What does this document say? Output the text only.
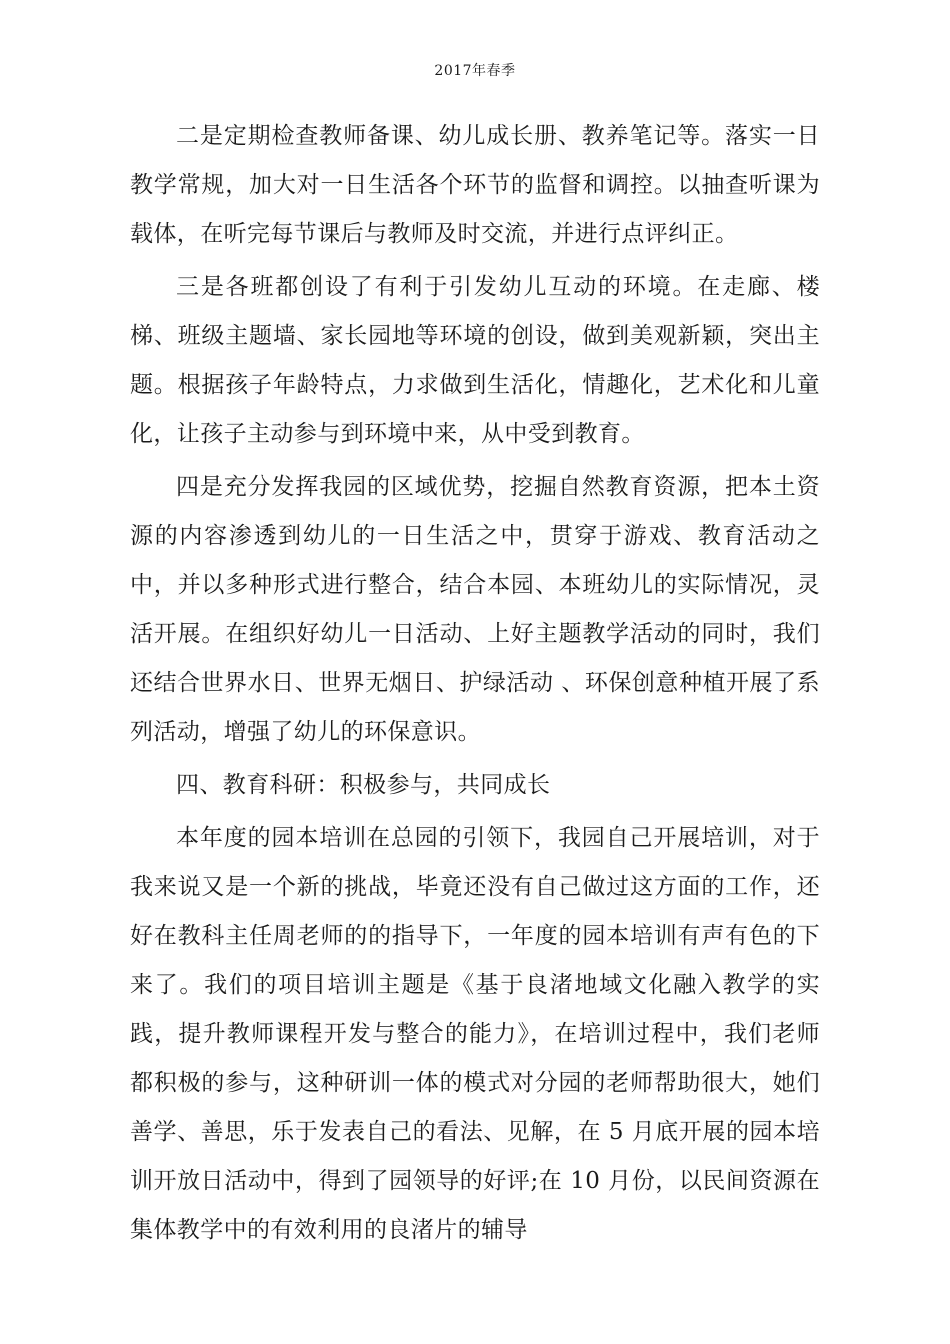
2017年春季

二是定期检查教师备课、幼儿成长册、教养笔记等。落实一日教学常规，加大对一日生活各个环节的监督和调控。以抽查听课为载体，在听完每节课后与教师及时交流，并进行点评纠正。

三是各班都创设了有利于引发幼儿互动的环境。在走廊、楼梯、班级主题墙、家长园地等环境的创设，做到美观新颖，突出主题。根据孩子年龄特点，力求做到生活化，情趣化，艺术化和儿童化，让孩子主动参与到环境中来，从中受到教育。

四是充分发挥我园的区域优势，挖掘自然教育资源，把本土资源的内容渗透到幼儿的一日生活之中，贯穿于游戏、教育活动之中，并以多种形式进行整合，结合本园、本班幼儿的实际情况，灵活开展。在组织好幼儿一日活动、上好主题教学活动的同时，我们还结合世界水日、世界无烟日、护绿活动 、环保创意种植开展了系列活动，增强了幼儿的环保意识。

四、教育科研：积极参与，共同成长

本年度的园本培训在总园的引领下，我园自己开展培训，对于我来说又是一个新的挑战，毕竟还没有自己做过这方面的工作，还好在教科主任周老师的的指导下，一年度的园本培训有声有色的下来了。我们的项目培训主题是《基于良渚地域文化融入教学的实践，提升教师课程开发与整合的能力》，在培训过程中，我们老师都积极的参与，这种研训一体的模式对分园的老师帮助很大，她们善学、善思，乐于发表自己的看法、见解，在 5 月底开展的园本培训开放日活动中，得到了园领导的好评;在 10 月份，以民间资源在集体教学中的有效利用的良渚片的辅导
